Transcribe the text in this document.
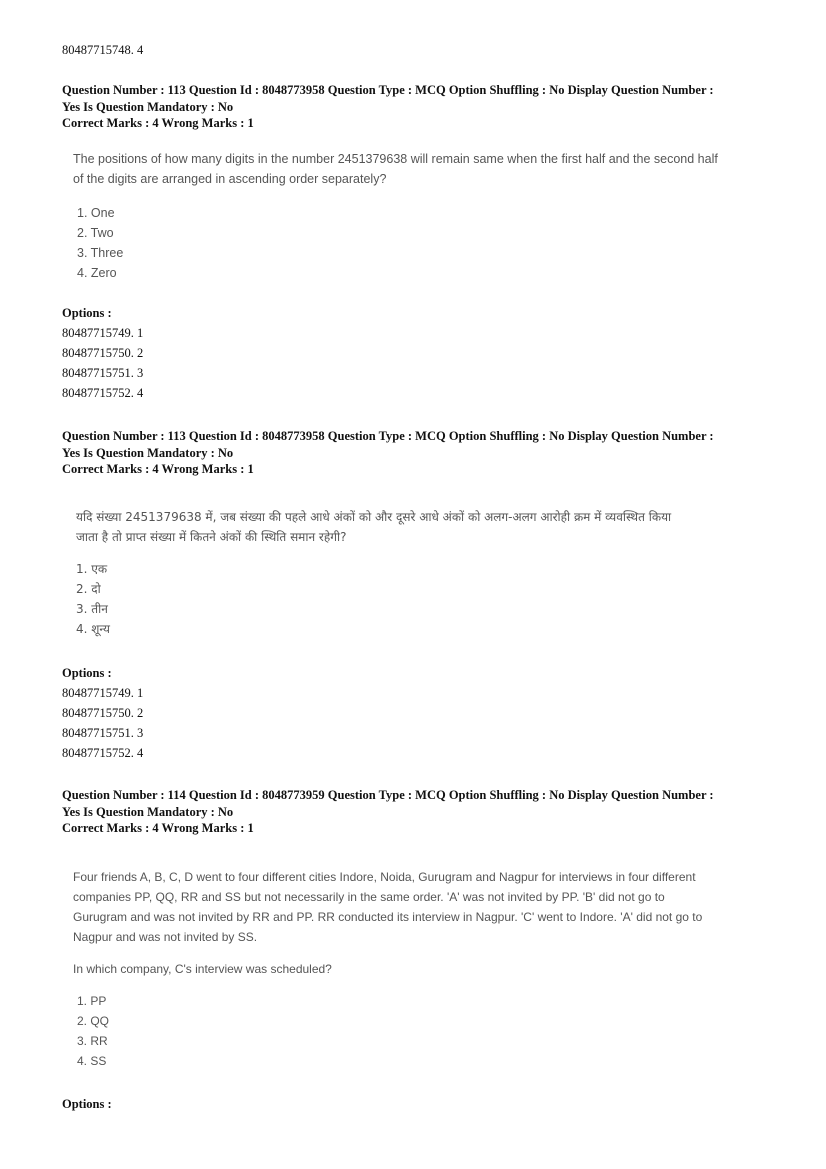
80487715748. 4
Question Number : 113 Question Id : 8048773958 Question Type : MCQ Option Shuffling : No Display Question Number :
Yes Is Question Mandatory : No
Correct Marks : 4 Wrong Marks : 1
The positions of how many digits in the number 2451379638 will remain same when the first half and the second half
of the digits are arranged in ascending order separately?
1. One
2. Two
3. Three
4. Zero
Options :
80487715749. 1
80487715750. 2
80487715751. 3
80487715752. 4
Question Number : 113 Question Id : 8048773958 Question Type : MCQ Option Shuffling : No Display Question Number :
Yes Is Question Mandatory : No
Correct Marks : 4 Wrong Marks : 1
यदि संख्या 2451379638 में, जब संख्या की पहले आधे अंकों को और दूसरे आधे अंकों को अलग-अलग आरोही क्रम में व्यवस्थित किया
जाता है तो प्राप्त संख्या में कितने अंकों की स्थिति समान रहेगी?
1. एक
2. दो
3. तीन
4. शून्य
Options :
80487715749. 1
80487715750. 2
80487715751. 3
80487715752. 4
Question Number : 114 Question Id : 8048773959 Question Type : MCQ Option Shuffling : No Display Question Number :
Yes Is Question Mandatory : No
Correct Marks : 4 Wrong Marks : 1
Four friends A, B, C, D went to four different cities Indore, Noida, Gurugram and Nagpur for interviews in four different
companies PP, QQ, RR and SS but not necessarily in the same order. 'A' was not invited by PP. 'B' did not go to
Gurugram and was not invited by RR and PP. RR conducted its interview in Nagpur. 'C' went to Indore. 'A' did not go to
Nagpur and was not invited by SS.
In which company, C's interview was scheduled?
1. PP
2. QQ
3. RR
4. SS
Options :
